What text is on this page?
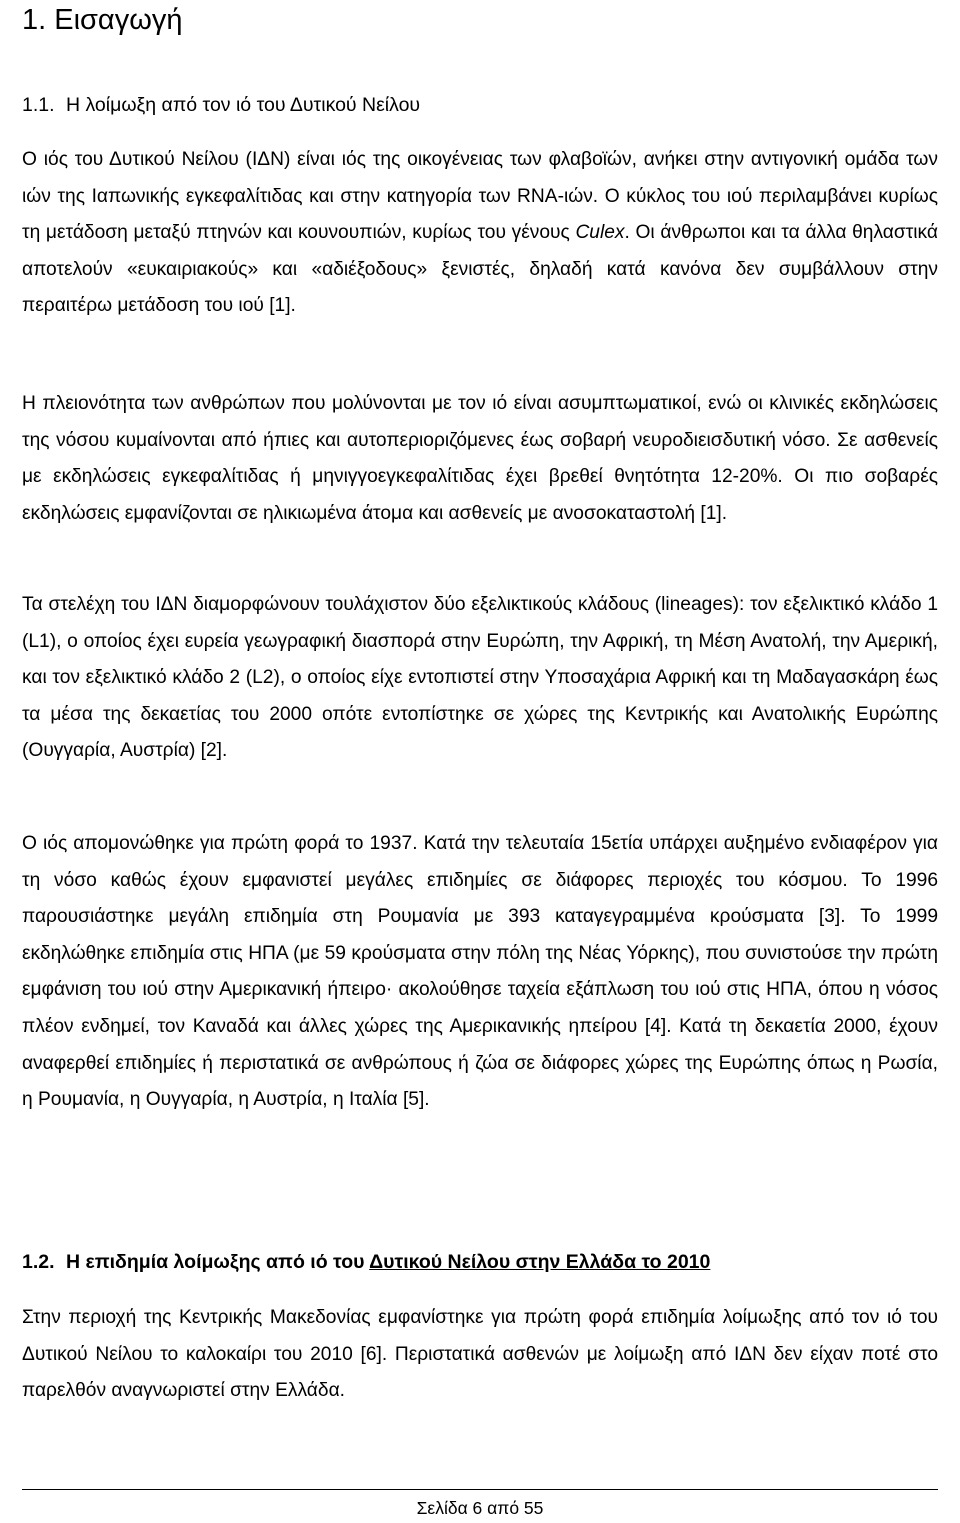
1. Εισαγωγή
1.1. Η λοίμωξη από τον ιό του Δυτικού Νείλου

Ο ιός του Δυτικού Νείλου (ΙΔΝ) είναι ιός της οικογένειας των φλαβοϊών, ανήκει στην αντιγονική ομάδα των ιών της Ιαπωνικής εγκεφαλίτιδας και στην κατηγορία των RNA-ιών. Ο κύκλος του ιού περιλαμβάνει κυρίως τη μετάδοση μεταξύ πτηνών και κουνουπιών, κυρίως του γένους Culex. Οι άνθρωποι και τα άλλα θηλαστικά αποτελούν «ευκαιριακούς» και «αδιέξοδους» ξενιστές, δηλαδή κατά κανόνα δεν συμβάλλουν στην περαιτέρω μετάδοση του ιού [1].

Η πλειονότητα των ανθρώπων που μολύνονται με τον ιό είναι ασυμπτωματικοί, ενώ οι κλινικές εκδηλώσεις της νόσου κυμαίνονται από ήπιες και αυτοπεριοριζόμενες έως σοβαρή νευροδιεισδυτική νόσο. Σε ασθενείς με εκδηλώσεις εγκεφαλίτιδας ή μηνιγγοεγκεφαλίτιδας έχει βρεθεί θνητότητα 12-20%. Οι πιο σοβαρές εκδηλώσεις εμφανίζονται σε ηλικιωμένα άτομα και ασθενείς με ανοσοκαταστολή [1].

Τα στελέχη του ΙΔΝ διαμορφώνουν τουλάχιστον δύο εξελικτικούς κλάδους (lineages): τον εξελικτικό κλάδο 1 (L1), ο οποίος έχει ευρεία γεωγραφική διασπορά στην Ευρώπη, την Αφρική, τη Μέση Ανατολή, την Αμερική, και τον εξελικτικό κλάδο 2 (L2), ο οποίος είχε εντοπιστεί στην Υποσαχάρια Αφρική και τη Μαδαγασκάρη έως τα μέσα της δεκαετίας του 2000 οπότε εντοπίστηκε σε χώρες της Κεντρικής και Ανατολικής Ευρώπης (Ουγγαρία, Αυστρία) [2].

Ο ιός απομονώθηκε για πρώτη φορά το 1937. Κατά την τελευταία 15ετία υπάρχει αυξημένο ενδιαφέρον για τη νόσο καθώς έχουν εμφανιστεί μεγάλες επιδημίες σε διάφορες περιοχές του κόσμου. Το 1996 παρουσιάστηκε μεγάλη επιδημία στη Ρουμανία με 393 καταγεγραμμένα κρούσματα [3]. Το 1999 εκδηλώθηκε επιδημία στις ΗΠΑ (με 59 κρούσματα στην πόλη της Νέας Υόρκης), που συνιστούσε την πρώτη εμφάνιση του ιού στην Αμερικανική ήπειρο· ακολούθησε ταχεία εξάπλωση του ιού στις ΗΠΑ, όπου η νόσος πλέον ενδημεί, τον Καναδά και άλλες χώρες της Αμερικανικής ηπείρου [4]. Κατά τη δεκαετία 2000, έχουν αναφερθεί επιδημίες ή περιστατικά σε ανθρώπους ή ζώα σε διάφορες χώρες της Ευρώπης όπως η Ρωσία, η Ρουμανία, η Ουγγαρία, η Αυστρία, η Ιταλία [5].

1.2. Η επιδημία λοίμωξης από ιό του Δυτικού Νείλου στην Ελλάδα το 2010

Στην περιοχή της Κεντρικής Μακεδονίας εμφανίστηκε για πρώτη φορά επιδημία λοίμωξης από τον ιό του Δυτικού Νείλου το καλοκαίρι του 2010 [6]. Περιστατικά ασθενών με λοίμωξη από ΙΔΝ δεν είχαν ποτέ στο παρελθόν αναγνωριστεί στην Ελλάδα.

Σελίδα 6 από 55
